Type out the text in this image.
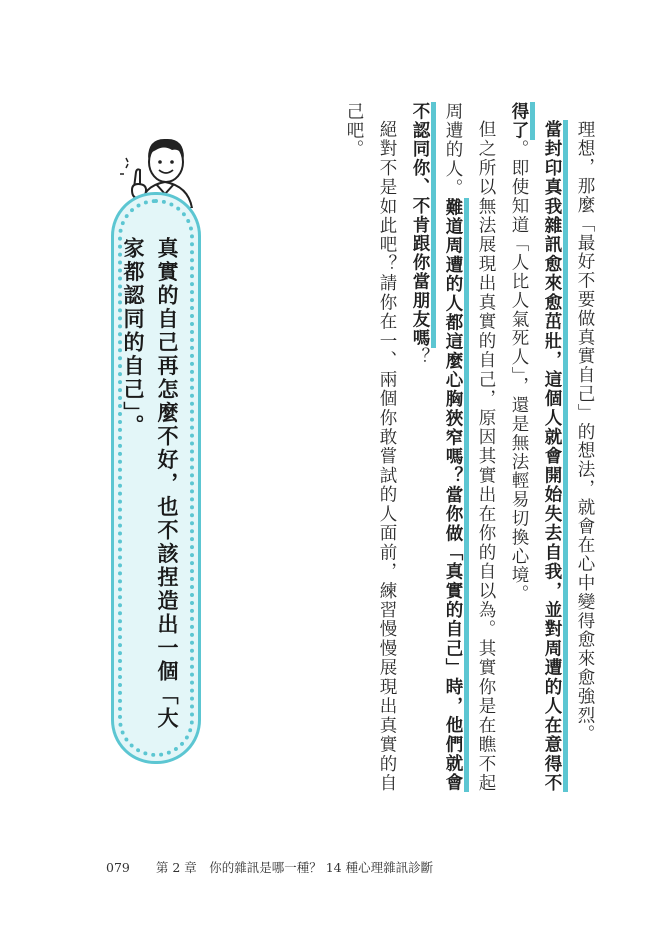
理想，那麼「最好不要做真實自己」的想法，就會在心中變得愈來愈強烈。

當封印真我雜訊愈來愈茁壯，這個人就會開始失去自我，並對周遭的人在意得不得了。即使知道「人比人氣死人」，還是無法輕易切換心境。

但之所以無法展現出真實的自己，原因其實出在你的自以為。其實你是在瞧不起周遭的人。難道周遭的人都這麼心胸狹窄嗎？當你做「真實的自己」時，他們就會不認同你、不肯跟你當朋友嗎？

絕對不是如此吧？請你在一、兩個你敢嘗試的人面前，練習慢慢展現出真實的自己吧。

真實的自己再怎麼不好，也不該捏造出一個「大家都認同的自己」。
079 第 2 章　你的雜訊是哪一種？ 14 種心理雜訊診斷
